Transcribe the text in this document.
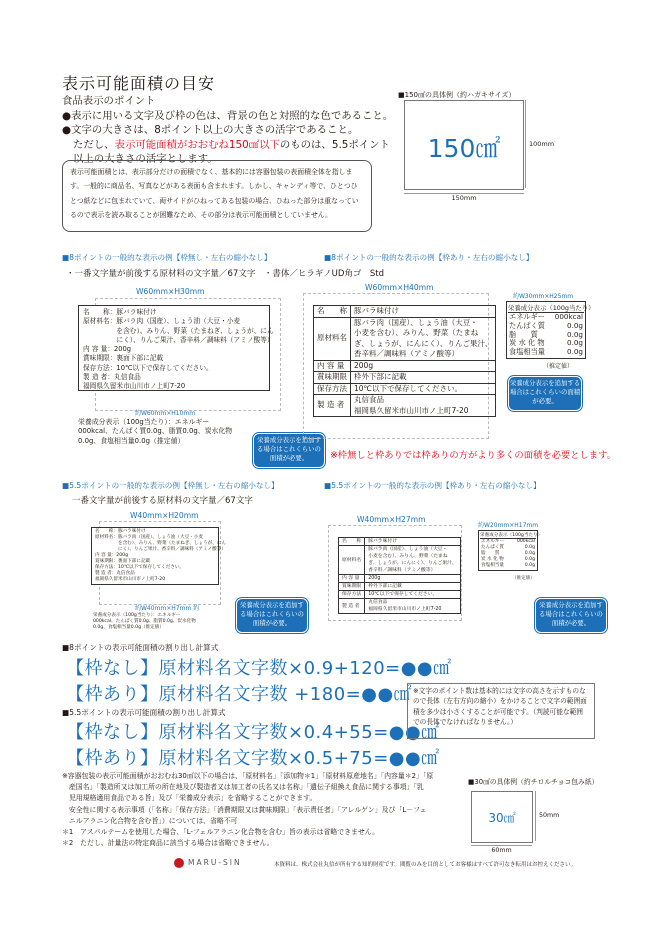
表示可能面積の目安
食品表示のポイント
●表示に用いる文字及び枠の色は、背景の色と対照的な色であること。
●文字の大きさは、8ポイント以上の大きさの活字であること。
ただし、表示可能面積がおおむね150㎠以下のものは、5.5ポイント
以上の大きさの活字とします。
表示可能面積とは、表示部分だけの面積でなく、基本的には容器包装の表面積全体を指します。一般的に商品名、写真などがある表面も含まれます。しかし、キャンディ等で、ひとつひとつ紙などに包まれていて、両サイドがひねってある包装の場合、ひねった部分は重なっているので表示を読み取ることが困難なため、その部分は表示可能面積としていません。
■150㎠の具体例（約ハガキサイズ）
150㎠
150mm
100mm
■8ポイントの一般的な表示の例【枠無し・左右の縮小なし】	■8ポイントの一般的な表示の例【枠あり・左右の縮小なし】
・一番文字量が前後する原材料の文字量／67文字　・書体／ヒラギノUD角ゴ　Std
W60mm×H30mm
名　　称：豚バラ味付け
原材料名：豚バラ肉（国産）、しょう油（大豆・小麦
　　　　　を含む）、みりん、野菜（たまねぎ、しょうが、にん
　　　　　にく）、りんご果汁、香辛料／調味料（アミノ酸等）
内 容 量：200g
賞味期限：裏面下部に記載
保存方法：10℃以下で保存してください。
製 造 者：丸信食品
福岡県久留米市山川市ノ上町7-20
約W60mm×H10mm
栄養成分表示（100g当たり）：エネルギー
000kcal、たんぱく質0.0g、脂質0.0g、炭水化物
0.0g、食塩相当量0.0g（推定値）	栄養成分表示を追加する場合はこれくらいの面積が必要。
W60mm×H40mm
名　　称	豚バラ味付け
原材料名	豚バラ肉（国産）、しょう油（大豆・
小麦を含む）、みりん、野菜（たまね
ぎ、しょうが、にんにく）、りんご果汁、
香辛料／調味料（アミノ酸等）
内 容 量	200g
賞味期限	枠外下部に記載
保存方法	10℃以下で保存してください。
製 造 者	丸信食品
福岡県久留米市山川市ノ上町7-20
約W30mm×H25mm
栄養成分表示（100g当たり）
エネルギー	000kcal
たんぱく質	0.0g
脂　　質	0.0g
炭 水 化 物	0.0g
食塩相当量	0.0g
（推定値）
栄養成分表示を追加する場合はこれくらいの面積が必要。
※枠無しと枠ありでは枠ありの方がより多くの面積を必要とします。
■5.5ポイントの一般的な表示の例【枠無し・左右の縮小なし】	■5.5ポイントの一般的な表示の例【枠あり・左右の縮小なし】
一番文字量が前後する原材料の文字量／67文字
W40mm×H20mm
名　　称：豚バラ味付け
原材料名：豚バラ肉（国産）、しょう油（大豆・小麦
　　　　　を含む）、みりん、野菜（たまねぎ、しょうが、にん
　　　　　にく）、りんご果汁、香辛料／調味料（アミノ酸等）
内 容 量：200g
賞味期限：裏面下部に記載
保存方法：10℃以下で保存してください。
製 造 者：丸信食品
福岡県久留米市山川市ノ上町7-20
約W40mm×H7mm 約
栄養成分表示（100g当たり）：エネルギー
000kcal、たんぱく質0.0g、脂質0.0g、炭水化物
0.0g、食塩相当量0.0g（推定値）
栄養成分表示を追加する場合はこれくらいの面積が必要。
W40mm×H27mm
名　　称	豚バラ味付け
原材料名	豚バラ肉（国産）、しょう油（大豆・
小麦を含む）、みりん、野菜（たまね
ぎ、しょうが、にんにく）、りんご果汁、
香辛料／調味料（アミノ酸等）
内 容 量	200g
賞味期限	枠外下部に記載
保存方法	10℃以下で保存してください。
製 造 者	丸信食品
福岡県久留米市山川市ノ上町7-20
約W20mm×H17mm
栄養成分表示（100g当たり）
エネルギー	000kcal
たんぱく質	0.0g
脂　　質	0.0g
炭 水 化 物	0.0g
食塩相当量	0.0g
（推定値）
栄養成分表示を追加する場合はこれくらいの面積が必要。
■8ポイントの表示可能面積の割り出し計算式
【枠なし】原材料名文字数×0.9+120=●●㎠
【枠あり】原材料名文字数 +180=●●㎠
■5.5ポイントの表示可能面積の割り出し計算式
【枠なし】原材料名文字数×0.4+55=●●㎠
【枠あり】原材料名文字数×0.5+75=●●㎠
※文字のポイント数は基本的には文字の高さを示すものなので長体（左右方向の縮小）をかけることで文字の範囲面積を多少は小さくすることが可能です。（判読可能な範囲での長体でなければなりません。）
■30㎠の具体例（約チロルチョコ包み紙）
30㎠
60mm
50mm
※容器包装の表示可能面積がおおむね30㎠以下の場合は、「原材料名」「添加物＊1」「原材料原産地名」「内容量＊2」「原
　産国名」「製造所又は加工所の所在地及び製造者又は加工者の氏名又は名称」「遺伝子組換え食品に関する事項」「乳
　児用規格適用食品である旨」及び「栄養成分表示」を省略することができます。
　安全性に関する表示事項（「名称」「保存方法」「消費期限又は賞味期限」「表示責任者」「アレルゲン」及び「L－フェ
　ニルアラニン化合物を含む旨」）については、省略不可
＊1　アスパルテームを使用した場合、「L-フェルアラニン化合物を含む」旨の表示は省略できません。
＊2　ただし、計量法の特定商品に該当する場合は省略できません。
MARU-SIN	本資料は、株式会社丸信が所有する知的財産です。閲覧のみを目的としてお客様はすべて許可なき転用はお控えください。
